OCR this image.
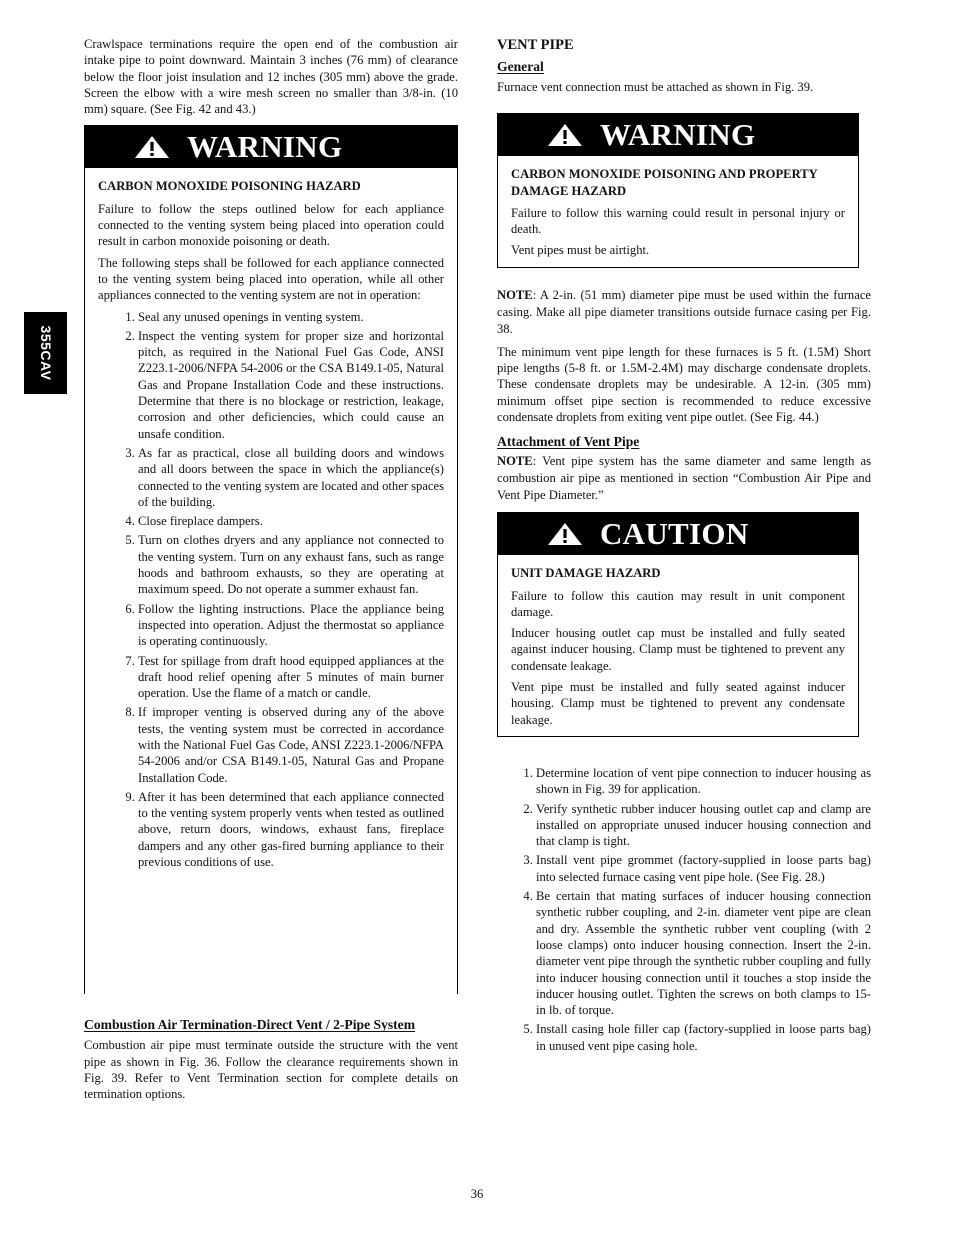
355CAV

Crawlspace terminations require the open end of the combustion air intake pipe to point downward. Maintain 3 inches (76 mm) of clearance below the floor joist insulation and 12 inches (305 mm) above the grade. Screen the elbow with a wire mesh screen no smaller than 3/8-in. (10 mm) square. (See Fig. 42 and 43.)

WARNING
CARBON MONOXIDE POISONING HAZARD

Failure to follow the steps outlined below for each appliance connected to the venting system being placed into operation could result in carbon monoxide poisoning or death.

The following steps shall be followed for each appliance connected to the venting system being placed into operation, while all other appliances connected to the venting system are not in operation:

1. Seal any unused openings in venting system.
2. Inspect the venting system for proper size and horizontal pitch, as required in the National Fuel Gas Code, ANSI Z223.1-2006/NFPA 54-2006 or the CSA B149.1-05, Natural Gas and Propane Installation Code and these instructions. Determine that there is no blockage or restriction, leakage, corrosion and other deficiencies, which could cause an unsafe condition.
3. As far as practical, close all building doors and windows and all doors between the space in which the appliance(s) connected to the venting system are located and other spaces of the building.
4. Close fireplace dampers.
5. Turn on clothes dryers and any appliance not connected to the venting system. Turn on any exhaust fans, such as range hoods and bathroom exhausts, so they are operating at maximum speed. Do not operate a summer exhaust fan.
6. Follow the lighting instructions. Place the appliance being inspected into operation. Adjust the thermostat so appliance is operating continuously.
7. Test for spillage from draft hood equipped appliances at the draft hood relief opening after 5 minutes of main burner operation. Use the flame of a match or candle.
8. If improper venting is observed during any of the above tests, the venting system must be corrected in accordance with the National Fuel Gas Code, ANSI Z223.1-2006/NFPA 54-2006 and/or CSA B149.1-05, Natural Gas and Propane Installation Code.
9. After it has been determined that each appliance connected to the venting system properly vents when tested as outlined above, return doors, windows, exhaust fans, fireplace dampers and any other gas-fired burning appliance to their previous conditions of use.
Combustion Air Termination-Direct Vent / 2-Pipe System

Combustion air pipe must terminate outside the structure with the vent pipe as shown in Fig. 36. Follow the clearance requirements shown in Fig. 39. Refer to Vent Termination section for complete details on termination options.

VENT PIPE
General

Furnace vent connection must be attached as shown in Fig. 39.

WARNING
CARBON MONOXIDE POISONING AND PROPERTY DAMAGE HAZARD

Failure to follow this warning could result in personal injury or death.

Vent pipes must be airtight.

NOTE: A 2-in. (51 mm) diameter pipe must be used within the furnace casing. Make all pipe diameter transitions outside furnace casing per Fig. 38.

The minimum vent pipe length for these furnaces is 5 ft. (1.5M) Short pipe lengths (5-8 ft. or 1.5M-2.4M) may discharge condensate droplets. These condensate droplets may be undesirable. A 12-in. (305 mm) minimum offset pipe section is recommended to reduce excessive condensate droplets from exiting vent pipe outlet. (See Fig. 44.)

Attachment of Vent Pipe

NOTE: Vent pipe system has the same diameter and same length as combustion air pipe as mentioned in section “Combustion Air Pipe and Vent Pipe Diameter.”

CAUTION
UNIT DAMAGE HAZARD

Failure to follow this caution may result in unit component damage.

Inducer housing outlet cap must be installed and fully seated against inducer housing. Clamp must be tightened to prevent any condensate leakage.

Vent pipe must be installed and fully seated against inducer housing. Clamp must be tightened to prevent any condensate leakage.

1. Determine location of vent pipe connection to inducer housing as shown in Fig. 39 for application.
2. Verify synthetic rubber inducer housing outlet cap and clamp are installed on appropriate unused inducer housing connection and that clamp is tight.
3. Install vent pipe grommet (factory-supplied in loose parts bag) into selected furnace casing vent pipe hole. (See Fig. 28.)
4. Be certain that mating surfaces of inducer housing connection synthetic rubber coupling, and 2-in. diameter vent pipe are clean and dry. Assemble the synthetic rubber vent coupling (with 2 loose clamps) onto inducer housing connection. Insert the 2-in. diameter vent pipe through the synthetic rubber coupling and fully into inducer housing connection until it touches a stop inside the inducer housing outlet. Tighten the screws on both clamps to 15-in lb. of torque.
5. Install casing hole filler cap (factory-supplied in loose parts bag) in unused vent pipe casing hole.
36
